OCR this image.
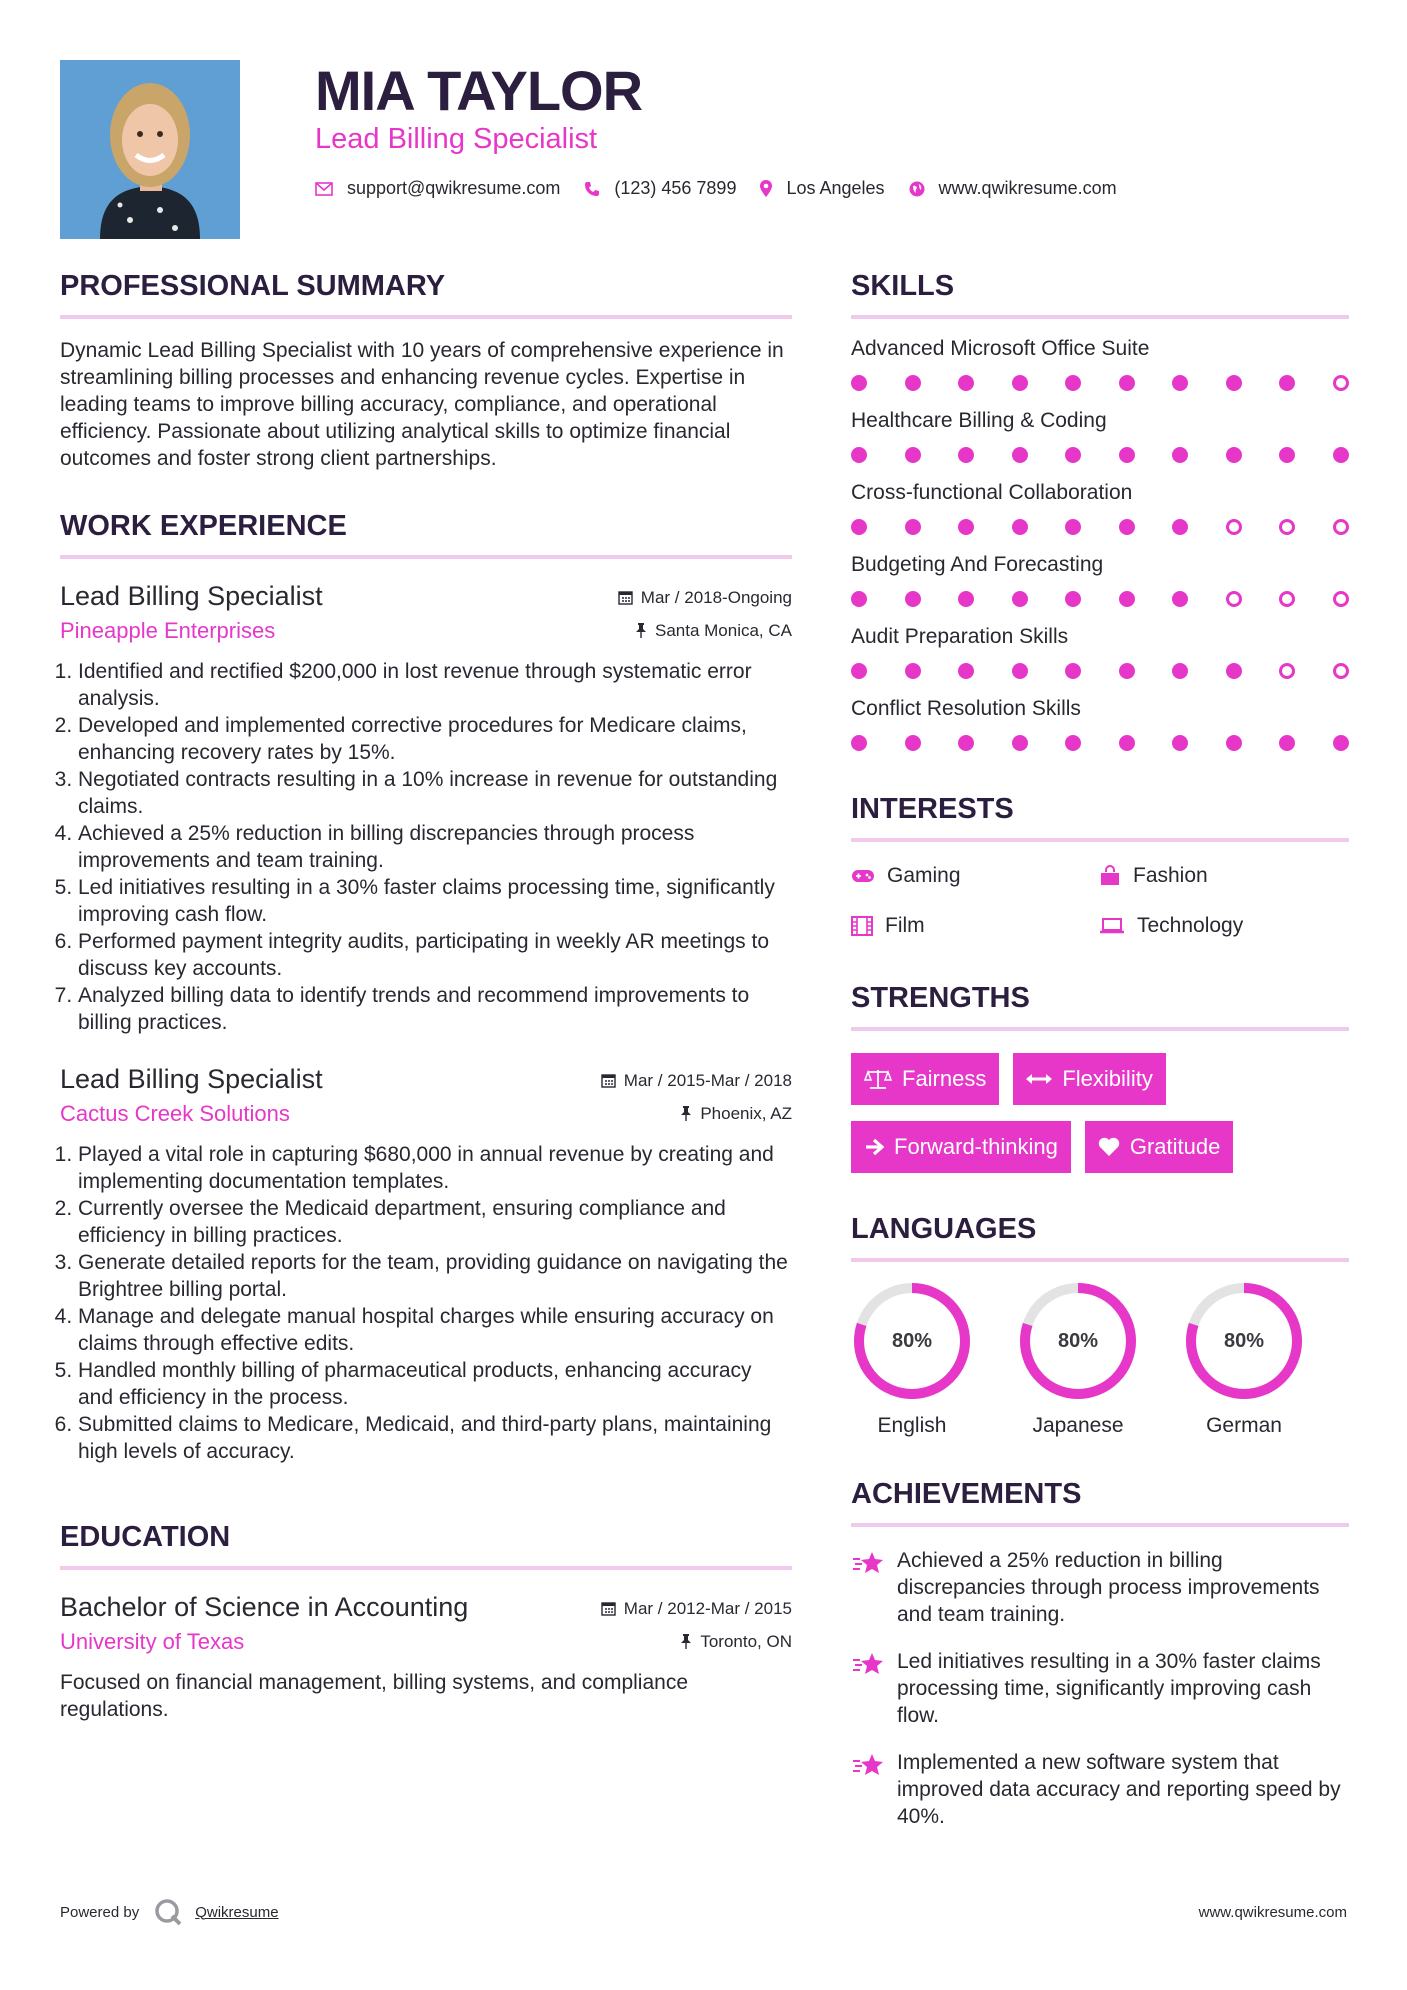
MIA TAYLOR
Lead Billing Specialist
support@qwikresume.com	(123) 456 7899	Los Angeles	www.qwikresume.com
PROFESSIONAL SUMMARY
Dynamic Lead Billing Specialist with 10 years of comprehensive experience in streamlining billing processes and enhancing revenue cycles. Expertise in leading teams to improve billing accuracy, compliance, and operational efficiency. Passionate about utilizing analytical skills to optimize financial outcomes and foster strong client partnerships.
WORK EXPERIENCE
Lead Billing Specialist	Mar / 2018-Ongoing
Pineapple Enterprises	Santa Monica, CA
1. Identified and rectified $200,000 in lost revenue through systematic error analysis.
2. Developed and implemented corrective procedures for Medicare claims, enhancing recovery rates by 15%.
3. Negotiated contracts resulting in a 10% increase in revenue for outstanding claims.
4. Achieved a 25% reduction in billing discrepancies through process improvements and team training.
5. Led initiatives resulting in a 30% faster claims processing time, significantly improving cash flow.
6. Performed payment integrity audits, participating in weekly AR meetings to discuss key accounts.
7. Analyzed billing data to identify trends and recommend improvements to billing practices.
Lead Billing Specialist	Mar / 2015-Mar / 2018
Cactus Creek Solutions	Phoenix, AZ
1. Played a vital role in capturing $680,000 in annual revenue by creating and implementing documentation templates.
2. Currently oversee the Medicaid department, ensuring compliance and efficiency in billing practices.
3. Generate detailed reports for the team, providing guidance on navigating the Brightree billing portal.
4. Manage and delegate manual hospital charges while ensuring accuracy on claims through effective edits.
5. Handled monthly billing of pharmaceutical products, enhancing accuracy and efficiency in the process.
6. Submitted claims to Medicare, Medicaid, and third-party plans, maintaining high levels of accuracy.
EDUCATION
Bachelor of Science in Accounting	Mar / 2012-Mar / 2015
University of Texas	Toronto, ON
Focused on financial management, billing systems, and compliance regulations.
SKILLS
Advanced Microsoft Office Suite
Healthcare Billing & Coding
Cross-functional Collaboration
Budgeting And Forecasting
Audit Preparation Skills
Conflict Resolution Skills
INTERESTS
Gaming	Fashion
Film	Technology
STRENGTHS
Fairness	Flexibility
Forward-thinking	Gratitude
LANGUAGES
80%
English
80%
Japanese
80%
German
ACHIEVEMENTS
Achieved a 25% reduction in billing discrepancies through process improvements and team training.
Led initiatives resulting in a 30% faster claims processing time, significantly improving cash flow.
Implemented a new software system that improved data accuracy and reporting speed by 40%.
Powered by	Qwikresume	www.qwikresume.com
